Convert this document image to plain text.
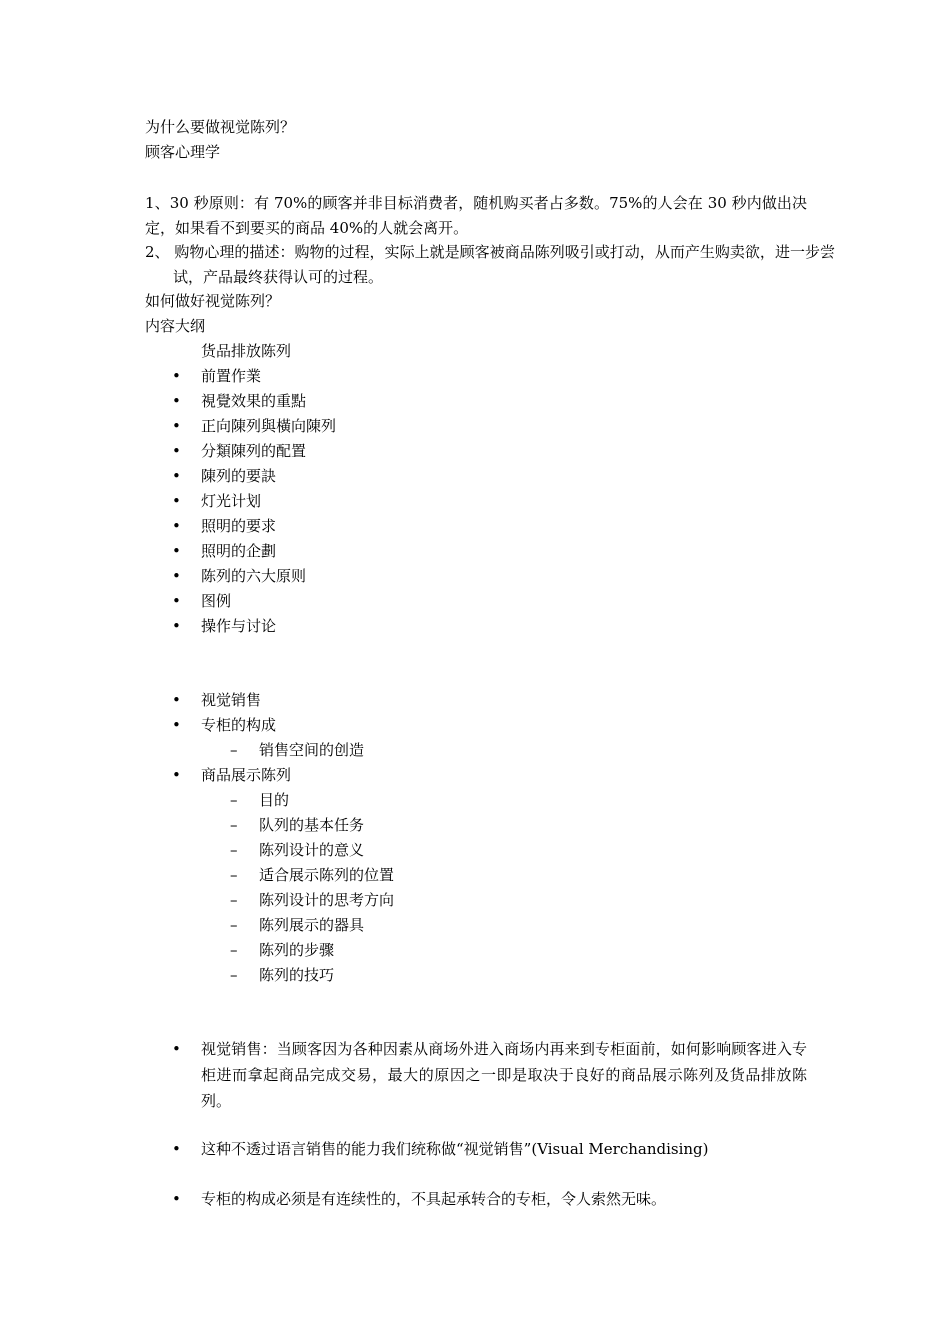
为什么要做视觉陈列？
顾客心理学
1、30 秒原则：有 70%的顾客并非目标消费者，随机购买者占多数。75%的人会在 30 秒内做出决定，如果看不到要买的商品 40%的人就会离开。
2、 购物心理的描述：购物的过程，实际上就是顾客被商品陈列吸引或打动，从而产生购卖欲，进一步尝试，产品最终获得认可的过程。
如何做好视觉陈列？
内容大纲
货品排放陈列
• 前置作業
• 視覺效果的重點
• 正向陳列與橫向陳列
• 分類陳列的配置
• 陳列的要訣
• 灯光计划
• 照明的要求
• 照明的企劃
• 陈列的六大原则
• 图例
• 操作与讨论
• 视觉销售
• 专柜的构成
– 销售空间的创造
• 商品展示陈列
– 目的
– 队列的基本任务
– 陈列设计的意义
– 适合展示陈列的位置
– 陈列设计的思考方向
– 陈列展示的器具
– 陈列的步骤
– 陈列的技巧
• 视觉销售：当顾客因为各种因素从商场外进入商场内再来到专柜面前，如何影响顾客进入专柜进而拿起商品完成交易，最大的原因之一即是取决于良好的商品展示陈列及货品排放陈列。
• 这种不透过语言销售的能力我们统称做“视觉销售”(Visual Merchandising)
• 专柜的构成必须是有连续性的，不具起承转合的专柜，令人索然无味。
